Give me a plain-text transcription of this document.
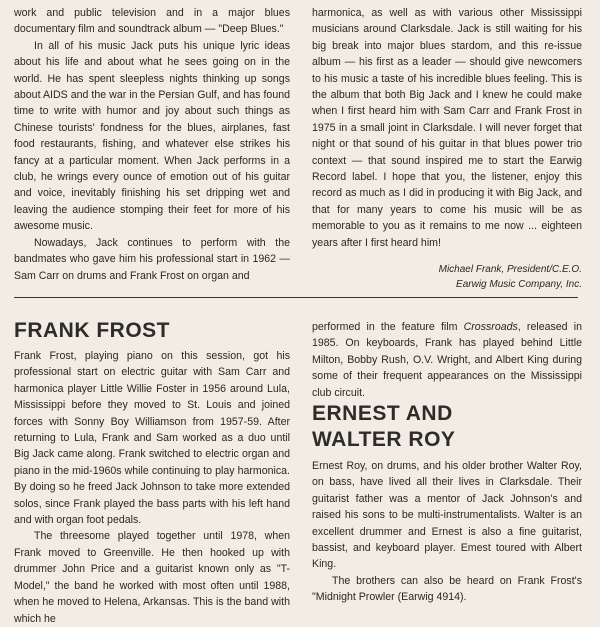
work and public television and in a major blues documentary film and soundtrack album — "Deep Blues."

In all of his music Jack puts his unique lyric ideas about his life and about what he sees going on in the world. He has spent sleepless nights thinking up songs about AIDS and the war in the Persian Gulf, and has found time to write with humor and joy about such things as Chinese tourists' fondness for the blues, airplanes, fast food restaurants, fishing, and whatever else strikes his fancy at a particular moment. When Jack performs in a club, he wrings every ounce of emotion out of his guitar and voice, inevitably finishing his set dripping wet and leaving the audience stomping their feet for more of his awesome music.

Nowadays, Jack continues to perform with the bandmates who gave him his professional start in 1962 — Sam Carr on drums and Frank Frost on organ and

harmonica, as well as with various other Mississippi musicians around Clarksdale. Jack is still waiting for his big break into major blues stardom, and this re-issue album — his first as a leader — should give newcomers to his music a taste of his incredible blues feeling. This is the album that both Big Jack and I knew he could make when I first heard him with Sam Carr and Frank Frost in 1975 in a small joint in Clarksdale. I will never forget that night or that sound of his guitar in that blues power trio context — that sound inspired me to start the Earwig Record label. I hope that you, the listener, enjoy this record as much as I did in producing it with Big Jack, and that for many years to come his music will be as memorable to you as it remains to me now ... eighteen years after I first heard him!

Michael Frank, President/C.E.O.

Earwig Music Company, Inc.

FRANK FROST

Frank Frost, playing piano on this session, got his professional start on electric guitar with Sam Carr and harmonica player Little Willie Foster in 1956 around Lula, Mississippi before they moved to St. Louis and joined forces with Sonny Boy Williamson from 1957-59. After returning to Lula, Frank and Sam worked as a duo until Big Jack came along. Frank switched to electric organ and piano in the mid-1960s while continuing to play harmonica. By doing so he freed Jack Johnson to take more extended solos, since Frank played the bass parts with his left hand and with organ foot pedals.

The threesome played together until 1978, when Frank moved to Greenville. He then hooked up with drummer John Price and a guitarist known only as "T-Model," the band he worked with most often until 1988, when he moved to Helena, Arkansas. This is the band with which he

performed in the feature film Crossroads, released in 1985. On keyboards, Frank has played behind Little Milton, Bobby Rush, O.V. Wright, and Albert King during some of their frequent appearances on the Mississippi club circuit.

ERNEST AND
WALTER ROY

Ernest Roy, on drums, and his older brother Walter Roy, on bass, have lived all their lives in Clarksdale. Their guitarist father was a mentor of Jack Johnson's and raised his sons to be multi-instrumentalists. Walter is an excellent drummer and Ernest is also a fine guitarist, bassist, and keyboard player. Emest toured with Albert King.

The brothers can also be heard on Frank Frost's "Midnight Prowler (Earwig 4914).
